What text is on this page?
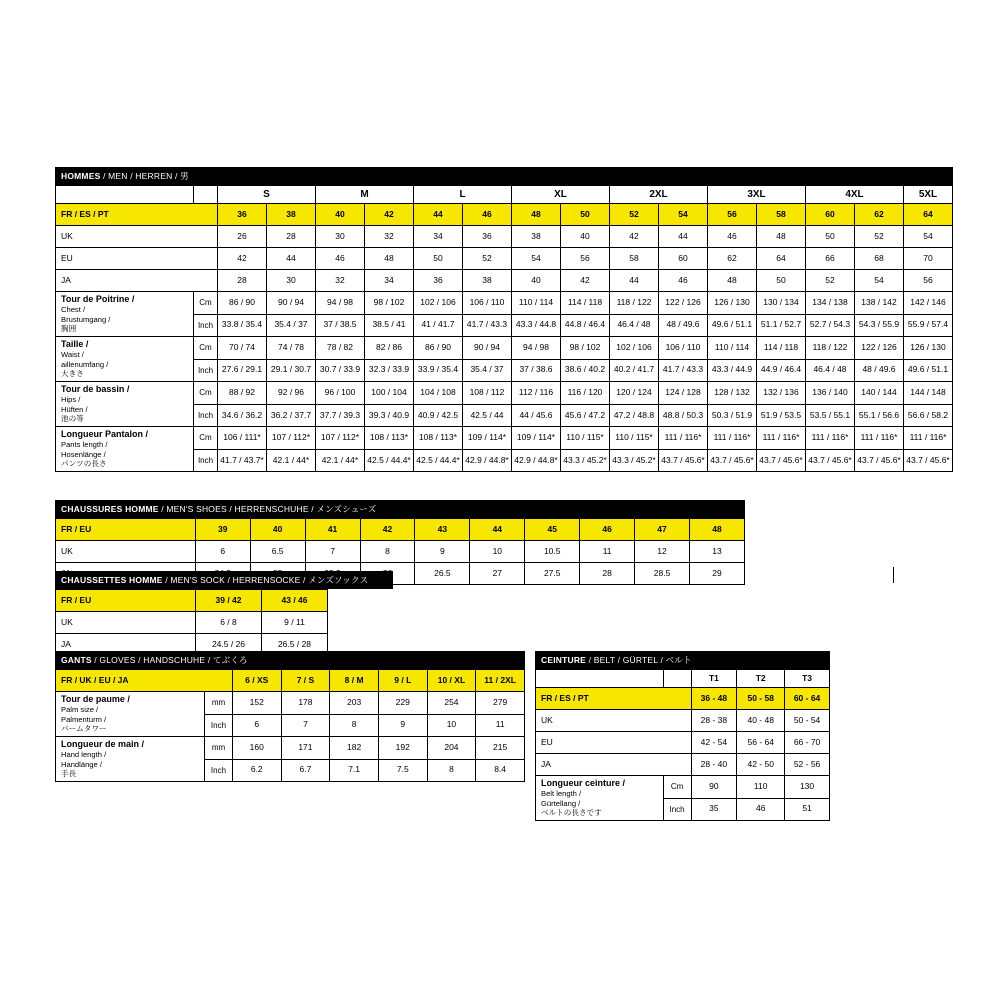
HOMMES / MEN / HERREN / 男
		S		M		L		XL		2XL		3XL		4XL		5XL
FR / ES / PT		36	38	40	42	44	46	48	50	52	54	56	58	60	62	64
UK		26	28	30	32	34	36	38	40	42	44	46	48	50	52	54
EU		42	44	46	48	50	52	54	56	58	60	62	64	66	68	70
JA		28	30	32	34	36	38	40	42	44	46	48	50	52	54	56
Tour de Poitrine /
Chest /
Brustumgang /
胸囲	Cm	86 / 90	90 / 94	94 / 98	98 / 102	102 / 106	106 / 110	110 / 114	114 / 118	118 / 122	122 / 126	126 / 130	130 / 134	134 / 138	138 / 142	142 / 146
	Inch	33.8 / 35.4	35.4 / 37	37 / 38.5	38.5 / 41	41 / 41.7	41.7 / 43.3	43.3 / 44.8	44.8 / 46.4	46.4 / 48	48 / 49.6	49.6 / 51.1	51.1 / 52.7	52.7 / 54.3	54.3 / 55.9	55.9 / 57.4
Taille /
Waist /
aillenumfang /
大きさ	Cm	70 / 74	74 / 78	78 / 82	82 / 86	86 / 90	90 / 94	94 / 98	98 / 102	102 / 106	106 / 110	110 / 114	114 / 118	118 / 122	122 / 126	126 / 130
	Inch	27.6 / 29.1	29.1 / 30.7	30.7 / 33.9	32.3 / 33.9	33.9 / 35.4	35.4 / 37	37 / 38.6	38.6 / 40.2	40.2 / 41.7	41.7 / 43.3	43.3 / 44.9	44.9 / 46.4	46.4 / 48	48 / 49.6	49.6 / 51.1
Tour de bassin /
Hips /
Hüften /
池の等	Cm	88 / 92	92 / 96	96 / 100	100 / 104	104 / 108	108 / 112	112 / 116	116 / 120	120 / 124	124 / 128	128 / 132	132 / 136	136 / 140	140 / 144	144 / 148
	Inch	34.6 / 36.2	36.2 / 37.7	37.7 / 39.3	39.3 / 40.9	40.9 / 42.5	42.5 / 44	44 / 45.6	45.6 / 47.2	47.2 / 48.8	48.8 / 50.3	50.3 / 51.9	51.9 / 53.5	53.5 / 55.1	55.1 / 56.6	56.6 / 58.2
Longueur Pantalon /
Pants length /
Hosenlänge /
パンツの長さ	Cm	106 / 111*	107 / 112*	107 / 112*	108 / 113*	108 / 113*	109 / 114*	109 / 114*	110 / 115*	110 / 115*	111 / 116*	111 / 116*	111 / 116*	111 / 116*	111 / 116*	111 / 116*
	Inch	41.7 / 43.7*	42.1 / 44*	42.1 / 44*	42.5 / 44.4*	42.5 / 44.4*	42.9 / 44.8*	42.9 / 44.8*	43.3 / 45.2*	43.3 / 45.2*	43.7 / 45.6*	43.7 / 45.6*	43.7 / 45.6*	43.7 / 45.6*	43.7 / 45.6*	43.7 / 45.6*
CHAUSSURES HOMME / MEN'S SHOES / HERRENSCHUHE / メンズシューズ
FR / EU	39	40	41	42	43	44	45	46	47	48
UK	6	6.5	7	8	9	10	10.5	11	12	13
					26.5	27	27.5	28	28.5	29
CHAUSSETTES HOMME / MEN'S SOCK / HERRENSOCKE / メンズソックス
FR / EU	39 / 42	43 / 46
UK	6 / 8	9 / 11
JA	24.5 / 26	26.5 / 28
GANTS / GLOVES / HANDSCHUHE / てぶくろ
FR / UK / EU / JA		6 / XS	7 / S	8 / M	9 / L	10 / XL	11 / 2XL
Tour de paume /
Palm size /
Palmenturm /
パームタワー	mm	152	178	203	229	254	279
	Inch	6	7	8	9	10	11
Longueur de main /
Hand length /
Handlänge /
手長	mm	160	171	182	192	204	215
	Inch	6.2	6.7	7.1	7.5	8	8.4
CEINTURE / BELT / GÜRTEL / ベルト
		T1	T2	T3
FR / ES / PT		36 - 48	50 - 58	60 - 64
UK		28 - 38	40 - 48	50 - 54
EU		42 - 54	56 - 64	66 - 70
JA		28 - 40	42 - 50	52 - 56
Longueur ceinture /
Belt length /
Gürtellang /
ベルトの長さです	Cm	90	110	130
	Inch	35	46	51
